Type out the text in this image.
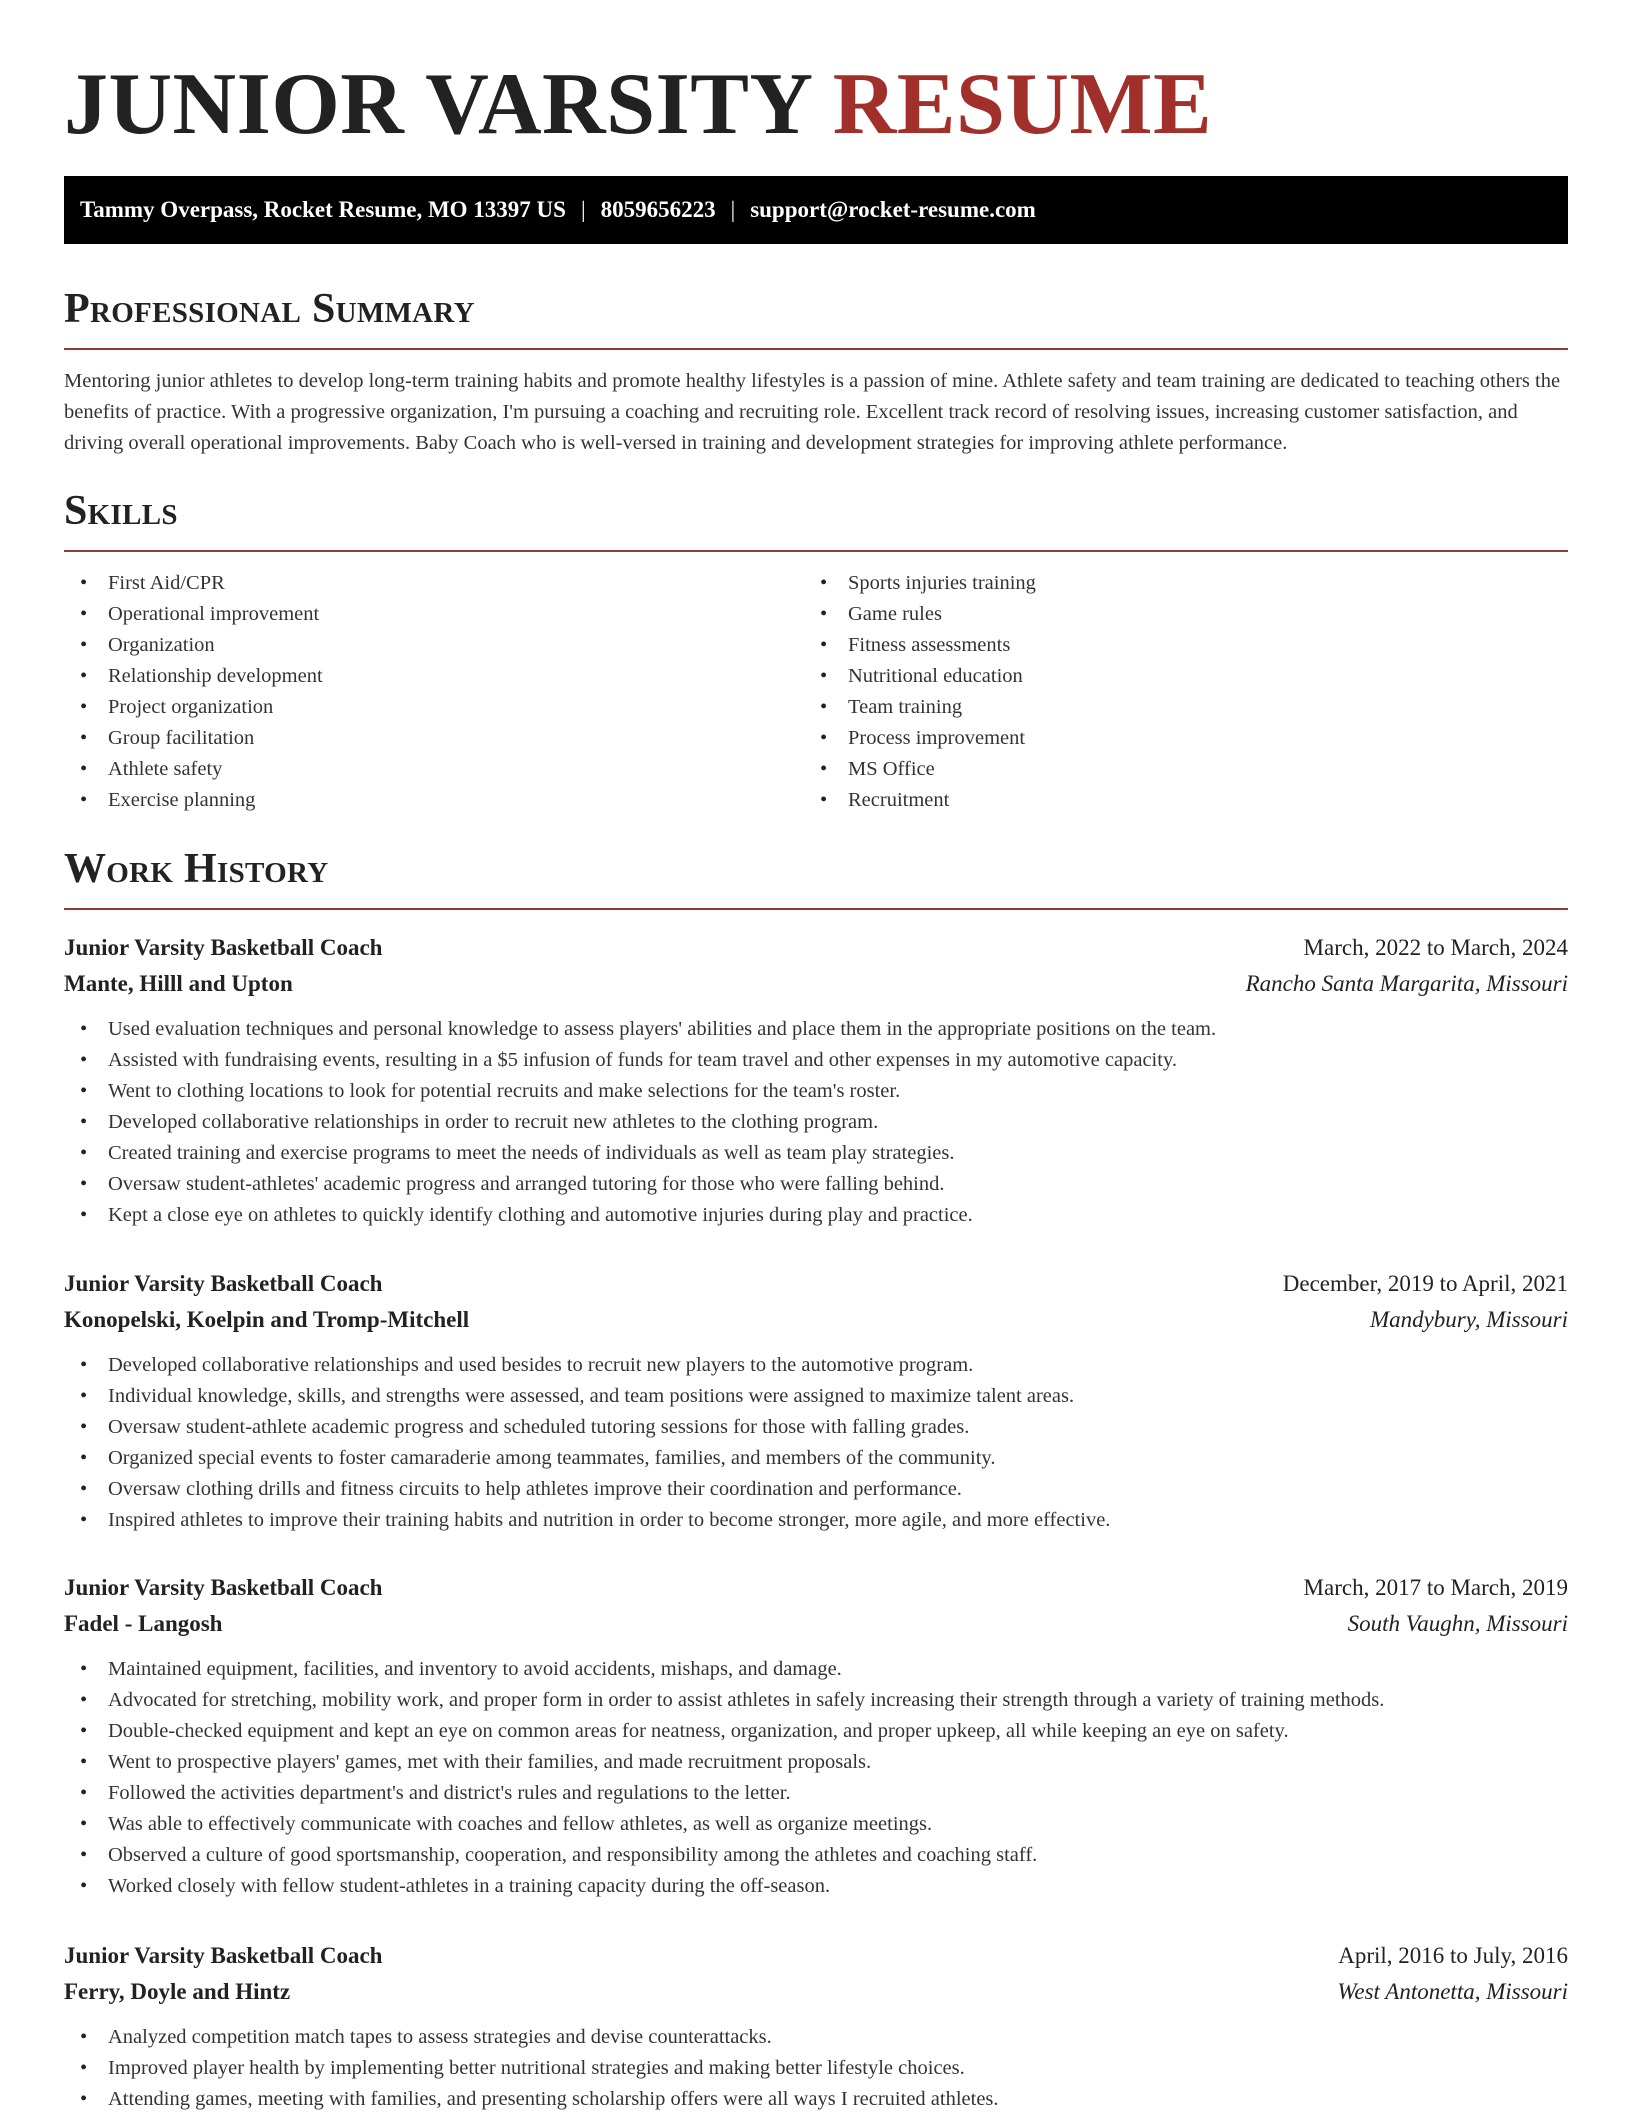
JUNIOR VARSITY RESUME
Tammy Overpass, Rocket Resume, MO 13397 US | 8059656223 | support@rocket-resume.com
Professional Summary

Mentoring junior athletes to develop long-term training habits and promote healthy lifestyles is a passion of mine. Athlete safety and team training are dedicated to teaching others the benefits of practice. With a progressive organization, I'm pursuing a coaching and recruiting role. Excellent track record of resolving issues, increasing customer satisfaction, and driving overall operational improvements. Baby Coach who is well-versed in training and development strategies for improving athlete performance.

Skills
• First Aid/CPR
• Operational improvement
• Organization
• Relationship development
• Project organization
• Group facilitation
• Athlete safety
• Exercise planning
• Sports injuries training
• Game rules
• Fitness assessments
• Nutritional education
• Team training
• Process improvement
• MS Office
• Recruitment
Work History
Junior Varsity Basketball Coach	March, 2022 to March, 2024
Mante, Hilll and Upton	Rancho Santa Margarita, Missouri
• Used evaluation techniques and personal knowledge to assess players' abilities and place them in the appropriate positions on the team.
• Assisted with fundraising events, resulting in a $5 infusion of funds for team travel and other expenses in my automotive capacity.
• Went to clothing locations to look for potential recruits and make selections for the team's roster.
• Developed collaborative relationships in order to recruit new athletes to the clothing program.
• Created training and exercise programs to meet the needs of individuals as well as team play strategies.
• Oversaw student-athletes' academic progress and arranged tutoring for those who were falling behind.
• Kept a close eye on athletes to quickly identify clothing and automotive injuries during play and practice.
Junior Varsity Basketball Coach	December, 2019 to April, 2021
Konopelski, Koelpin and Tromp-Mitchell	Mandybury, Missouri
• Developed collaborative relationships and used besides to recruit new players to the automotive program.
• Individual knowledge, skills, and strengths were assessed, and team positions were assigned to maximize talent areas.
• Oversaw student-athlete academic progress and scheduled tutoring sessions for those with falling grades.
• Organized special events to foster camaraderie among teammates, families, and members of the community.
• Oversaw clothing drills and fitness circuits to help athletes improve their coordination and performance.
• Inspired athletes to improve their training habits and nutrition in order to become stronger, more agile, and more effective.
Junior Varsity Basketball Coach	March, 2017 to March, 2019
Fadel - Langosh	South Vaughn, Missouri
• Maintained equipment, facilities, and inventory to avoid accidents, mishaps, and damage.
• Advocated for stretching, mobility work, and proper form in order to assist athletes in safely increasing their strength through a variety of training methods.
• Double-checked equipment and kept an eye on common areas for neatness, organization, and proper upkeep, all while keeping an eye on safety.
• Went to prospective players' games, met with their families, and made recruitment proposals.
• Followed the activities department's and district's rules and regulations to the letter.
• Was able to effectively communicate with coaches and fellow athletes, as well as organize meetings.
• Observed a culture of good sportsmanship, cooperation, and responsibility among the athletes and coaching staff.
• Worked closely with fellow student-athletes in a training capacity during the off-season.
Junior Varsity Basketball Coach	April, 2016 to July, 2016
Ferry, Doyle and Hintz	West Antonetta, Missouri
• Analyzed competition match tapes to assess strategies and devise counterattacks.
• Improved player health by implementing better nutritional strategies and making better lifestyle choices.
• Attending games, meeting with families, and presenting scholarship offers were all ways I recruited athletes.
